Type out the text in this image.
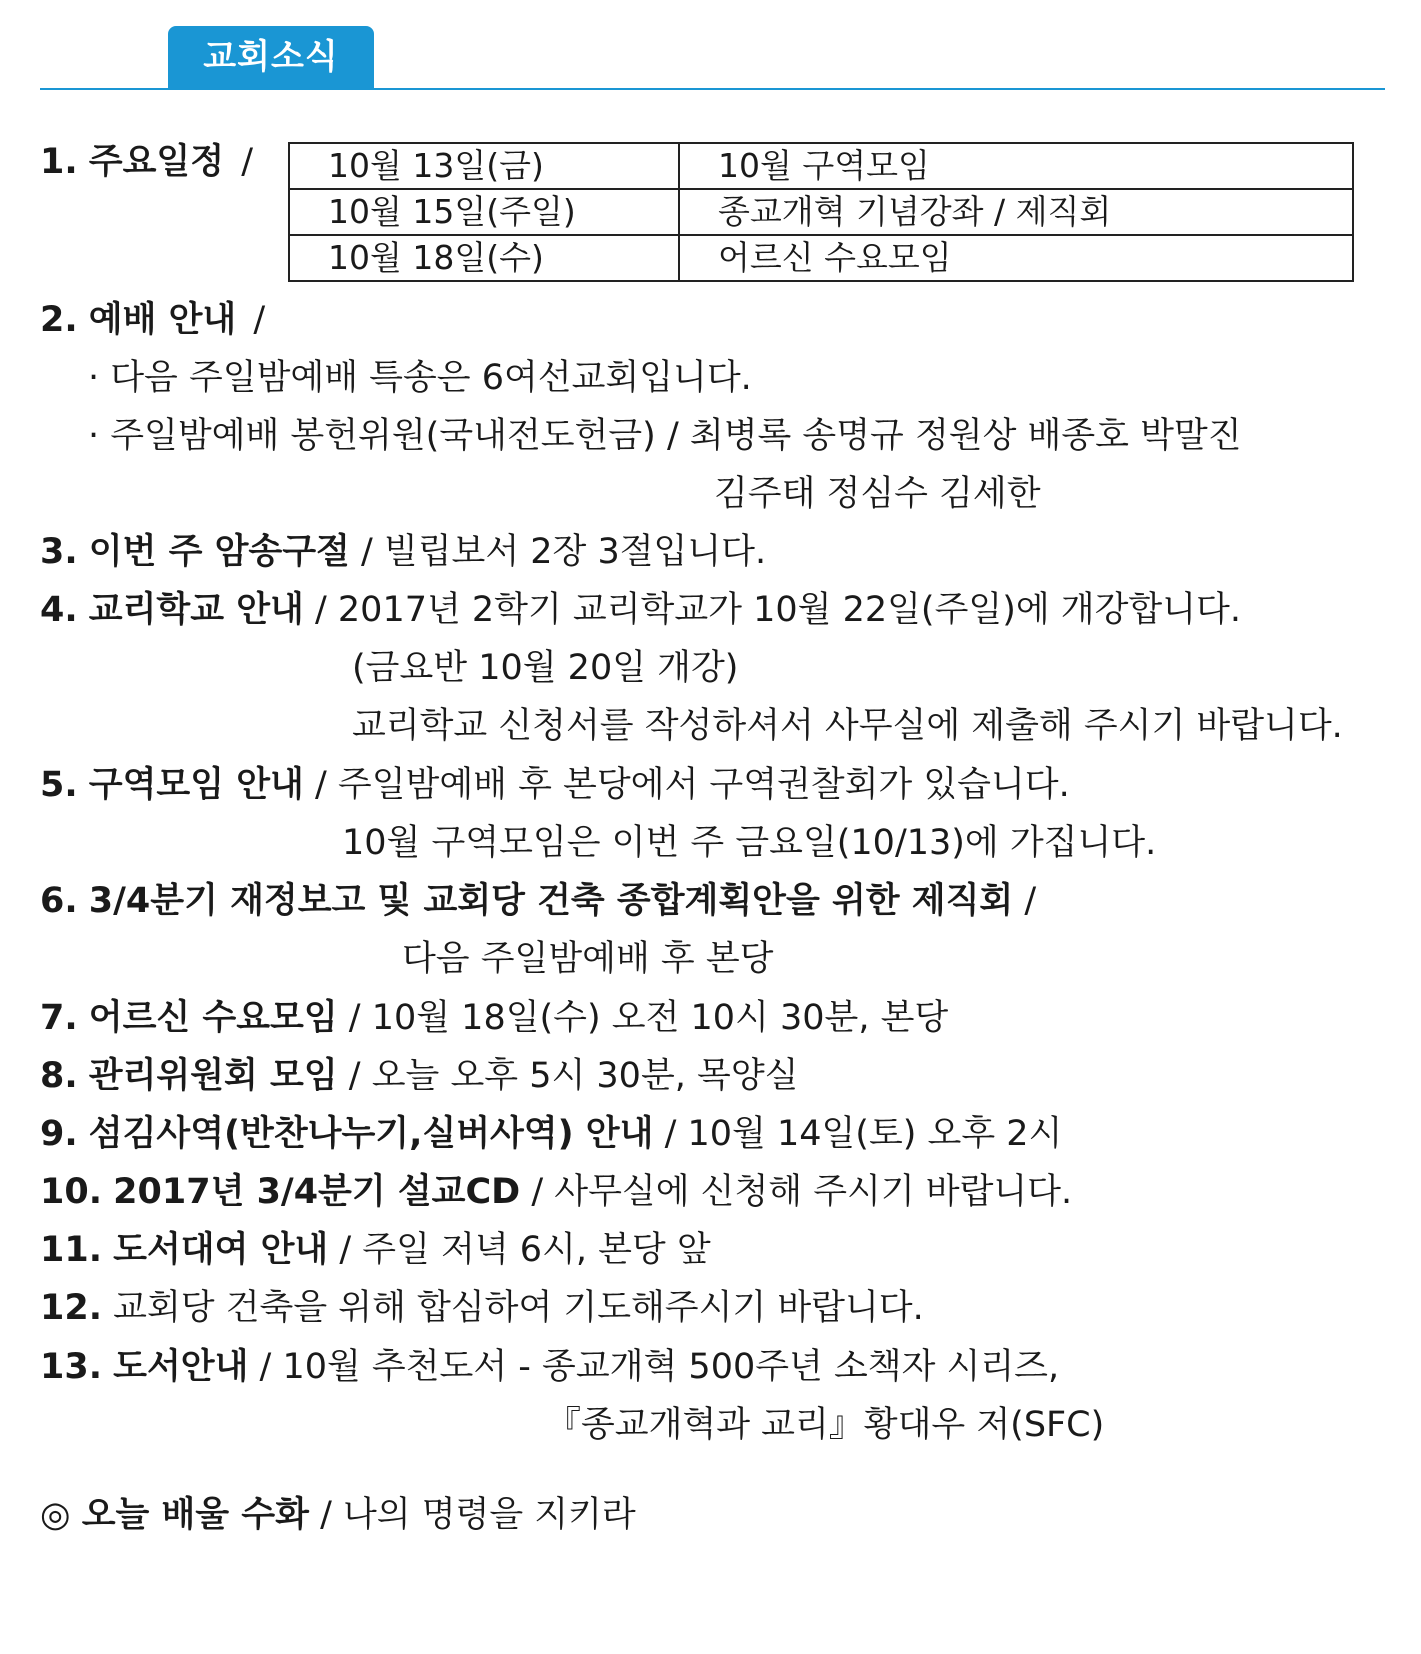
교회소식
1. 주요일정 / 10월 13일(금)	10월 구역모임
10월 15일(주일)	종교개혁 기념강좌 / 제직회
10월 18일(수)	어르신 수요모임
2. 예배 안내 /
· 다음 주일밤예배 특송은 6여선교회입니다.
· 주일밤예배 봉헌위원(국내전도헌금) / 최병록 송명규 정원상 배종호 박말진
김주태 정심수 김세한
3. 이번 주 암송구절 / 빌립보서 2장 3절입니다.
4. 교리학교 안내 / 2017년 2학기 교리학교가 10월 22일(주일)에 개강합니다.
(금요반 10월 20일 개강)
교리학교 신청서를 작성하셔서 사무실에 제출해 주시기 바랍니다.
5. 구역모임 안내 / 주일밤예배 후 본당에서 구역권찰회가 있습니다.
10월 구역모임은 이번 주 금요일(10/13)에 가집니다.
6. 3/4분기 재정보고 및 교회당 건축 종합계획안을 위한 제직회 /
다음 주일밤예배 후 본당
7. 어르신 수요모임 / 10월 18일(수) 오전 10시 30분, 본당
8. 관리위원회 모임 / 오늘 오후 5시 30분, 목양실
9. 섬김사역(반찬나누기,실버사역) 안내 / 10월 14일(토) 오후 2시
10. 2017년 3/4분기 설교CD / 사무실에 신청해 주시기 바랍니다.
11. 도서대여 안내 / 주일 저녁 6시, 본당 앞
12. 교회당 건축을 위해 합심하여 기도해주시기 바랍니다.
13. 도서안내 / 10월 추천도서 - 종교개혁 500주년 소책자 시리즈,
『종교개혁과 교리』황대우 저(SFC)
◎ 오늘 배울 수화 / 나의 명령을 지키라
